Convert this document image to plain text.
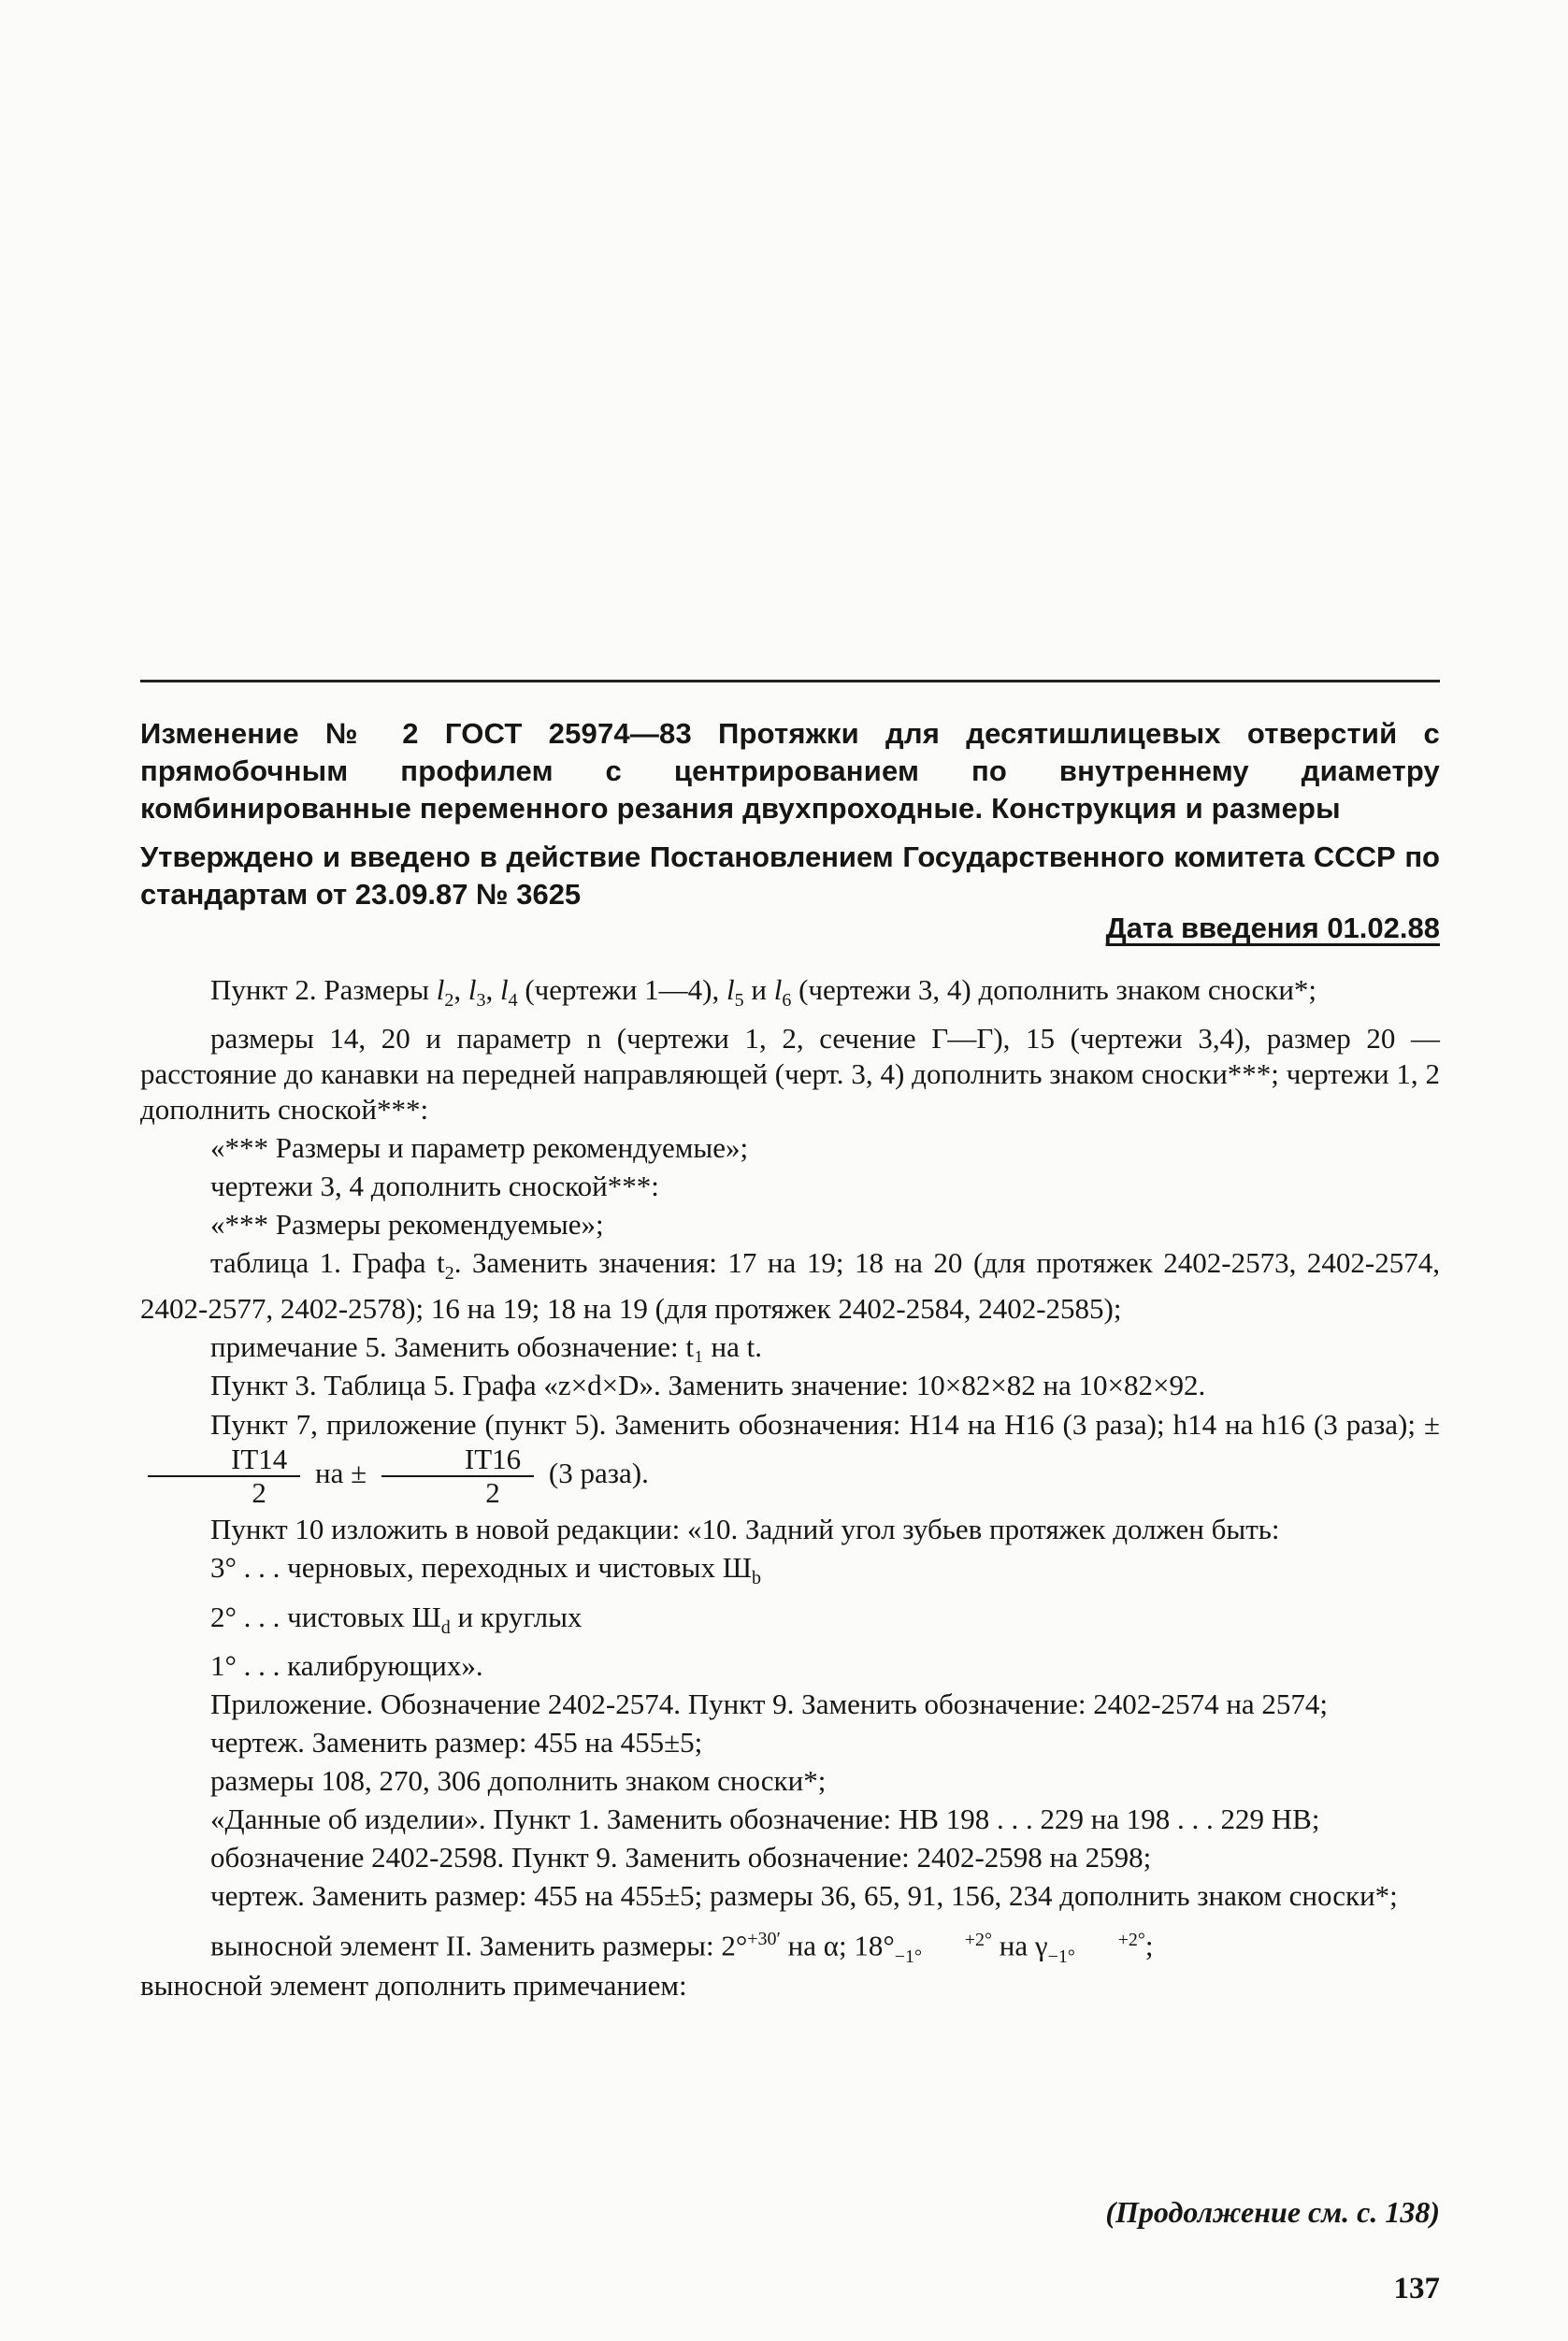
Изменение № 2 ГОСТ 25974—83 Протяжки для десятишлицевых отверстий с прямобочным профилем с центрированием по внутреннему диаметру комбинированные переменного резания двухпроходные. Конструкция и размеры
Утверждено и введено в действие Постановлением Государственного комитета СССР по стандартам от 23.09.87 № 3625
Дата введения 01.02.88

Пункт 2. Размеры $l_2$, $l_3$, $l_4$ (чертежи 1—4), $l_5$ и $l_6$ (чертежи 3, 4) дополнить знаком сноски*;

размеры 14, 20 и параметр n (чертежи 1, 2, сечение Г—Г), 15 (чертежи 3,4), размер 20 — расстояние до канавки на передней направляющей (черт. 3, 4) дополнить знаком сноски***; чертежи 1, 2 дополнить сноской***:

«*** Размеры и параметр рекомендуемые»;

чертежи 3, 4 дополнить сноской***:

«*** Размеры рекомендуемые»;

таблица 1. Графа $t_2$. Заменить значения: 17 на 19; 18 на 20 (для протяжек 2402-2573, 2402-2574, 2402-2577, 2402-2578); 16 на 19; 18 на 19 (для протяжек 2402-2584, 2402-2585);

примечание 5. Заменить обозначение: t₁ на t.

Пункт 3. Таблица 5. Графа «z×d×D». Заменить значение: 10×82×82 на 10×82×92.

Пункт 7, приложение (пункт 5). Заменить обозначения: H14 на H16 (3 раза); h14 на h16 (3 раза); ±
$\frac{IT14}{2}$ на ± $\frac{IT16}{2} (3$ раза).

Пункт 10 изложить в новой редакции: «10. Задний угол зубьев протяжек должен быть:

3° . . . черновых, переходных и чистовых $Ш_b$

2° . . . чистовых $Ш_d$ и круглых

1° . . . калибрующих».

Приложение. Обозначение 2402-2574. Пункт 9. Заменить обозначение: 2402-2574 на 2574;

чертеж. Заменить размер: 455 на 455±5;

размеры 108, 270, 306 дополнить знаком сноски*;

«Данные об изделии». Пункт 1. Заменить обозначение: НВ 198 . . . 229 на 198 . . . 229 НВ;

обозначение 2402-2598. Пункт 9. Заменить обозначение: 2402-2598 на 2598;

чертеж. Заменить размер: 455 на 455±5; размеры 36, 65, 91, 156, 234 дополнить знаком сноски*;

выносной элемент II. Заменить размеры: 2°$^{+30'}$ на α; 18°	+2°
−1° на γ	+2°
−1° ;

выносной элемент дополнить примечанием:

(Продолжение см. с. 138)
137
